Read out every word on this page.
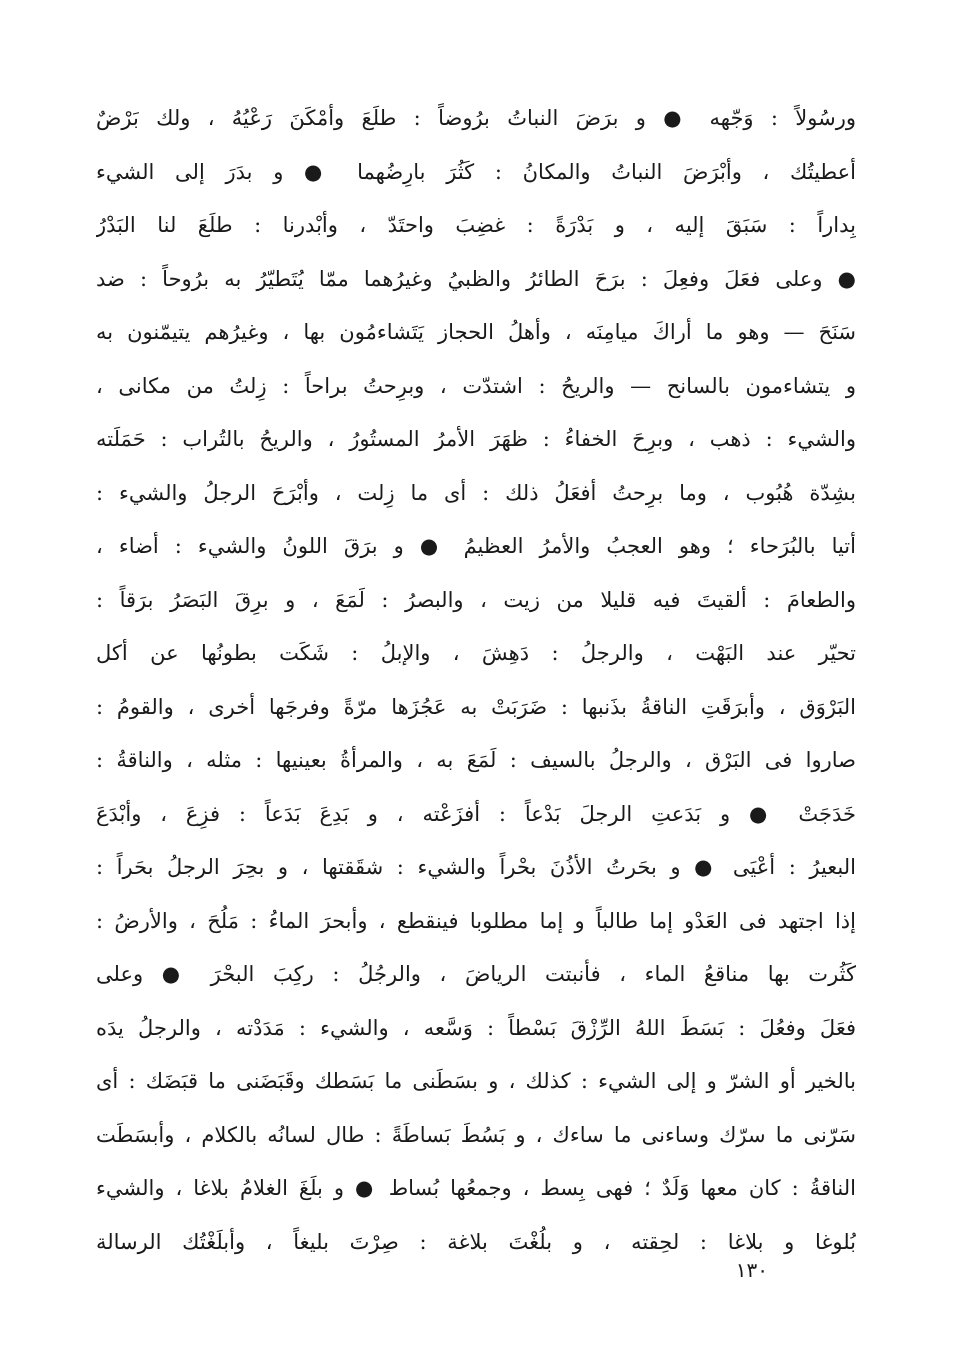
ورسُولاً : وَجّهه ● و برَضَ النباتُ برُوضاً : طلَعَ وأمْكَنَ رَعْيُهُ ، ولك بَرْضٌ
أعطيتُك ، وأبْرَضَ النباتُ والمكانُ : كَثُرَ بارِضُهما ● و بدَرَ إلى الشيء
بِداراً : سَبَقَ إليه ، و بَدْرَةً : غضِبَ واحتَدّ ، وأبْدرنا : طلَعَ لنا البَدْرُ
● وعلى فعَلَ وفعِلَ : برَحَ الطائرُ والظبيُ وغيرُهما ممّا يُتَطيّرُ به برُوحاً : ضد
سَنَحَ — وهو ما أراكَ ميامِنَه ، وأهلُ الحجاز يَتَشاءمُون بها ، وغيرُهم يتيمّنون به
و يتشاءمون بالسانح — والريحُ : اشتدّت ، وبرِحتُ براحاً : زِلتُ من مكانى ،
والشيء : ذهب ، وبرِحَ الخفاءُ : ظهَرَ الأمرُ المستُورُ ، والريحُ بالتُراب : حَمَلَته
بشِدّة هُبُوب ، وما برِحتُ أفعَلُ ذلك : أى ما زِلت ، وأبْرَحَ الرجلُ والشيء :
أتيا بالبُرَحاء ؛ وهو العجبُ والأمرُ العظيمُ ● و برَقَ اللونُ والشيء : أضاء ،
والطعامَ : ألقيتَ فيه قليلا من زيت ، والبصرُ : لَمَعَ ، و برِقَ البَصَرُ برَقاً :
تحيّر عند البَهْت ، والرجلُ : دَهِشَ ، والإبلُ : شَكَت بطونُها عن أكل
البَرْوَق ، وأبرَقَتِ الناقةُ بذَنبها : ضَرَبَتْ به عَجُزَها مرّةً وفرجَها أخرى ، والقومُ :
صاروا فى البَرْق ، والرجلُ بالسيف : لَمَعَ به ، والمرأةُ بعينيها : مثله ، والناقةُ :
خَدَجَتْ ● و بَدَعتِ الرجلَ بَدْعاً : أفزَعْته ، و بَدِعَ بَدَعاً : فزِعَ ، وأبْدَعَ
البعيرُ : أعْيَى ● و بحَرتُ الأذُنَ بحْراً والشيء : شقَقتها ، و بحِرَ الرجلُ بحَراً :
إذا اجتهد فى العَدْو إما طالباً و إما مطلوبا فينقطع ، وأبحرَ الماءُ : مَلُحَ ، والأرضُ :
كَثُرت بها مناقعُ الماء ، فأنبتت الرياضَ ، والرجُلُ : ركِبَ البحْرَ ● وعلى
فعَلَ وفعُلَ : بَسَطَ اللهُ الرِّزْقَ بَسْطاً : وَسَّعه ، والشيء : مَدَدْته ، والرجلُ يدَه
بالخير أو الشرّ و إلى الشيء : كذلك ، و بسَطَنى ما بَسَطك وقَبَضَنى ما قبَضَك : أى
سَرّنى ما سرّك وساءنى ما ساءك ، و بَسُطَ بَساطَةً : طال لسانُه بالكلام ، وأبسَطَت
الناقةُ : كان معها وَلَدٌ ؛ فهى بِسط ، وجمعُها بُساط ● و بلَغَ الغلامُ بلاغا ، والشيء
بُلوغا و بلاغا : لحِقته ، و بلُغْتَ بلاغة : صِرْتَ بليغاً ، وأبلَغْتُك الرسالة
١٣٠
